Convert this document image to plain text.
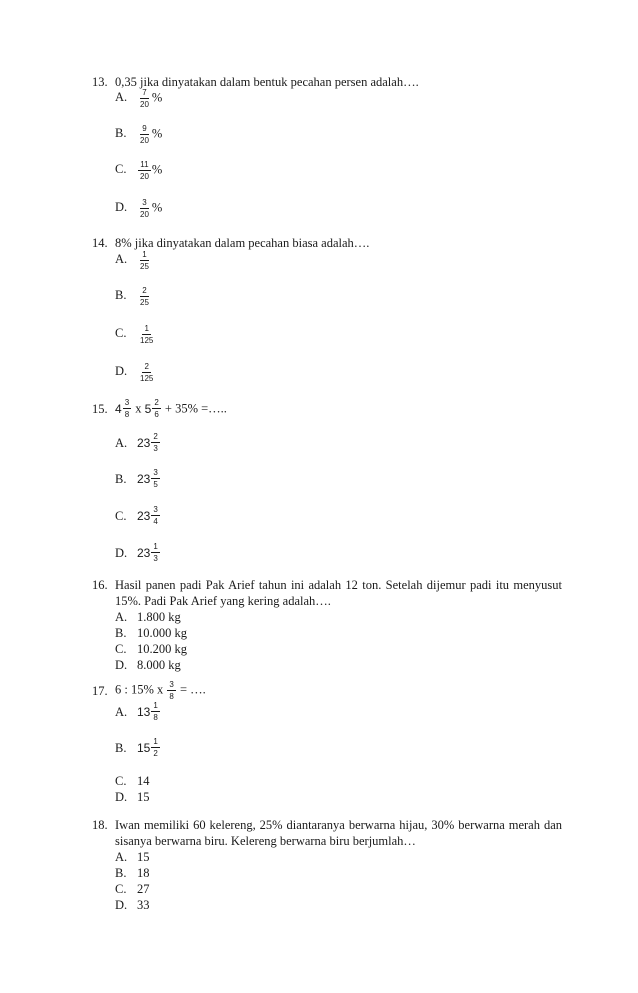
13. 0,35 jika dinyatakan dalam bentuk pecahan persen adalah….
A. $\frac{7}{20}$ %
B. $\frac{9}{20}$ %
C. $\frac{11}{20}$ %
D. $\frac{3}{20}$ %
14. 8% jika dinyatakan dalam pecahan biasa adalah….
A. $\frac{1}{25}$
B. $\frac{2}{25}$
C. $\frac{1}{125}$
D. $\frac{2}{125}$
15. $4 \frac{3}{8}$ x $5 \frac{2}{6} + 35\%$ =…..
A. $23 \frac{2}{3}$
B. $23 \frac{3}{5}$
C. $23 \frac{3}{4}$
D. $23 \frac{1}{3}$
16. Hasil panen padi Pak Arief tahun ini adalah 12 ton. Setelah dijemur padi itu menyusut 15%. Padi Pak Arief yang kering adalah….
A. 1.800 kg
B. 10.000 kg
C. 10.200 kg
D. 8.000 kg
17. 6 : 15% x $\frac{3}{8}$ = ….
A. $13 \frac{1}{8}$
B. $15 \frac{1}{2}$
C. 14
D. 15
18. Iwan memiliki 60 kelereng, 25% diantaranya berwarna hijau, 30% berwarna merah dan sisanya berwarna biru. Kelereng berwarna biru berjumlah…
A. 15
B. 18
C. 27
D. 33
